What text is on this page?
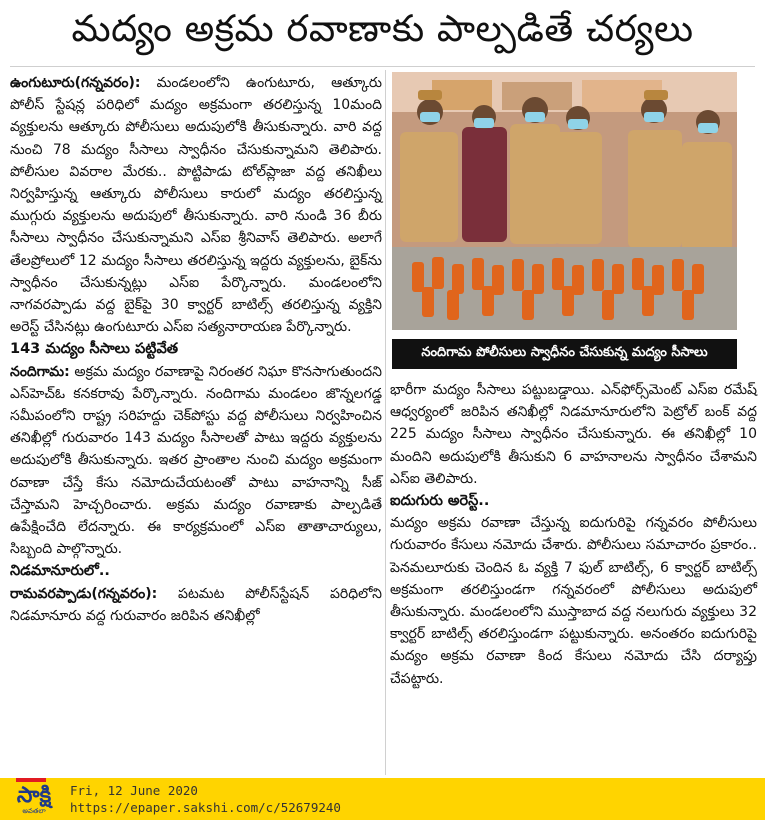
మద్యం అక్రమ రవాణాకు పాల్పడితే చర్యలు

ఉంగుటూరు(గన్నవరం): మండలంలోని ఉంగుటూరు, ఆత్కూరు పోలీస్ స్టేషన్ల పరిధిలో మద్యం అక్రమంగా తరలిస్తున్న 10మంది వ్యక్తులను ఆత్కూరు పోలీసులు అదుపులోకి తీసుకున్నారు. వారి వద్ద నుంచి 78 మద్యం సీసాలు స్వాధీనం చేసుకున్నామని తెలిపారు. పోలీసుల వివరాల మేరకు.. పొట్టిపాడు టోల్‌ప్లాజా వద్ద తనిఖీలు నిర్వహిస్తున్న ఆత్కూరు పోలీసులు కారులో మద్యం తరలిస్తున్న ముగ్గురు వ్యక్తులను అదుపులో తీసుకున్నారు. వారి నుండి 36 బీరు సీసాలు స్వాధీనం చేసుకున్నామని ఎస్ఐ శ్రీనివాస్ తెలిపారు. అలాగే తేలప్రోలులో 12 మద్యం సీసాలు తరలిస్తున్న ఇద్దరు వ్యక్తులను, బైక్‌ను స్వాధీనం చేసుకున్నట్లు ఎస్ఐ పేర్కొన్నారు. మండలంలోని నాగవరప్పాడు వద్ద బైక్‌పై 30 క్వార్టర్ బాటిల్స్ తరలిస్తున్న వ్యక్తిని అరెస్ట్ చేసినట్లు ఉంగుటూరు ఎస్ఐ సత్యనారాయణ పేర్కొన్నారు.

143 మద్యం సీసాలు పట్టివేత

నందిగామ: అక్రమ మద్యం రవాణాపై నిరంతర నిఘా కొనసాగుతుందని ఎస్‌హెచ్‌ఓ కనకరావు పేర్కొన్నారు. నందిగామ మండలం జొన్నలగడ్డ సమీపంలోని రాష్ట్ర సరిహద్దు చెక్‌పోస్టు వద్ద పోలీసులు నిర్వహించిన తనిఖీల్లో గురువారం 143 మద్యం సీసాలతో పాటు ఇద్దరు వ్యక్తులను అదుపులోకి తీసుకున్నారు. ఇతర ప్రాంతాల నుంచి మద్యం అక్రమంగా రవాణా చేస్తే కేసు నమోదుచేయటంతో పాటు వాహనాన్ని సీజ్ చేస్తామని హెచ్చరించారు. అక్రమ మద్యం రవాణాకు పాల్పడితే ఉపేక్షించేది లేదన్నారు. ఈ కార్యక్రమంలో ఎస్ఐ తాతాచార్యులు, సిబ్బంది పాల్గొన్నారు.

నిడమానూరులో..

రామవరప్పాడు(గన్నవరం): పటమట పోలీస్‌స్టేషన్ పరిధిలోని నిడమానూరు వద్ద గురువారం జరిపిన తనిఖీల్లో

నందిగామ పోలీసులు స్వాధీనం చేసుకున్న మద్యం సీసాలు

భారీగా మద్యం సీసాలు పట్టుబడ్డాయి. ఎన్‌ఫోర్స్‌మెంట్ ఎస్ఐ రమేష్ ఆధ్వర్యంలో జరిపిన తనిఖీల్లో నిడమానూరులోని పెట్రోల్ బంక్ వద్ద 225 మద్యం సీసాలు స్వాధీనం చేసుకున్నారు. ఈ తనిఖీల్లో 10 మందిని అదుపులోకి తీసుకుని 6 వాహనాలను స్వాధీనం చేశామని ఎస్ఐ తెలిపారు.

ఐదుగురు అరెస్ట్..

మద్యం అక్రమ రవాణా చేస్తున్న ఐదుగురిపై గన్నవరం పోలీసులు గురువారం కేసులు నమోదు చేశారు. పోలీసులు సమాచారం ప్రకారం.. పెనమలూరుకు చెందిన ఓ వ్యక్తి 7 ఫుల్ బాటిల్స్, 6 క్వార్టర్ బాటిల్స్ అక్రమంగా తరలిస్తుండగా గన్నవరంలో పోలీసులు అదుపులో తీసుకున్నారు. మండలంలోని ముస్తాబాద వద్ద నలుగురు వ్యక్తులు 32 క్వార్టర్ బాటిల్స్ తరలిస్తుండగా పట్టుకున్నారు. అనంతరం ఐదుగురిపై మద్యం అక్రమ రవాణా కింద కేసులు నమోదు చేసి దర్యాప్తు చేపట్టారు.

సాక్షి
అవతలా
Fri, 12 June 2020
https://epaper.sakshi.com/c/52679240
